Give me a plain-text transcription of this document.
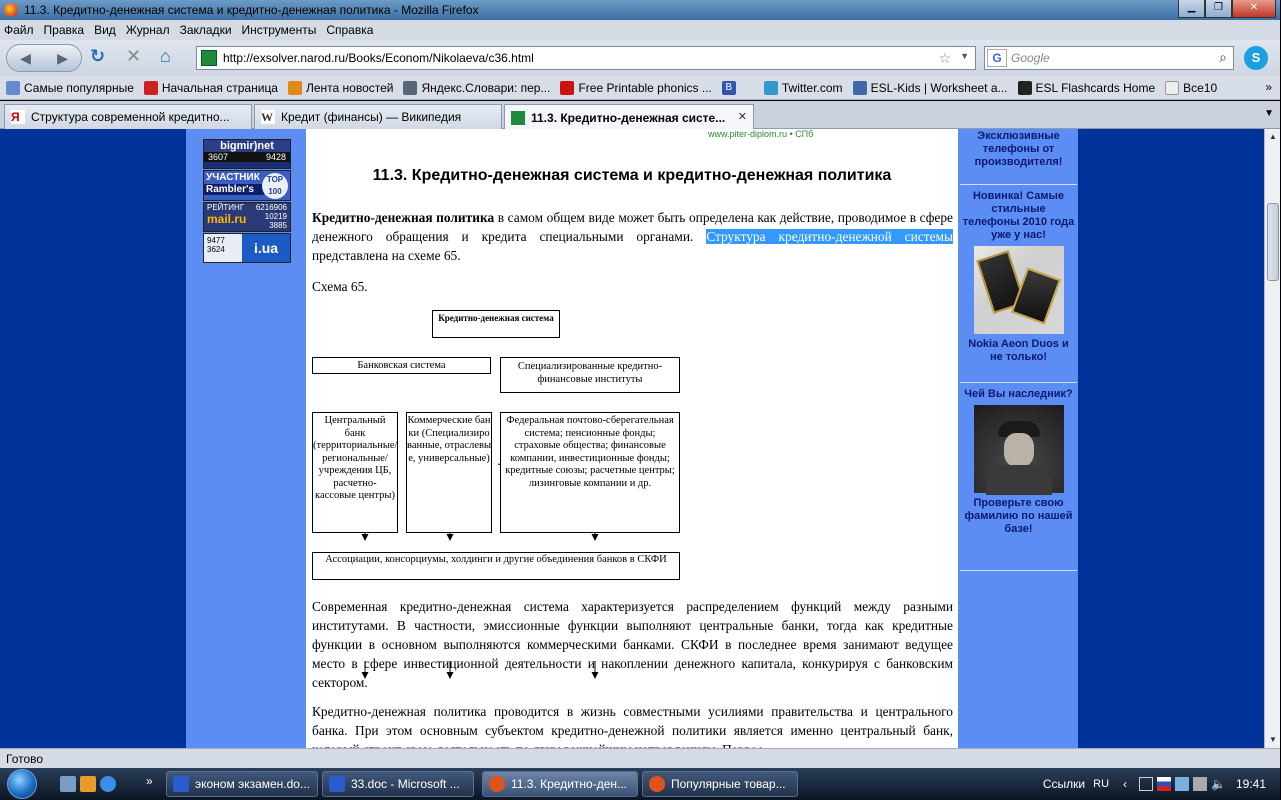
11.3. Кредитно-денежная система и кредитно-денежная политика - Mozilla Firefox	▁	❐	✕
Файл Правка Вид Журнал Закладки Инструменты Справка
◀ ▶ ↻	✕	⌂	http://exsolver.narod.ru/Books/Econom/Nikolaeva/c36.html	☆ ▼	G Google	⌕	S
Самые популярные Начальная страница Лента новостей Яндекс.Словари: пер... Free Printable phonics ...	B	Twitter.com ESL-Kids | Worksheet a... ESL Flashcards Home Все10	»
Я Структура современной кредитно...	W Кредит (финансы) — Википедия	11.3. Кредитно-денежная систе... ✕	▼
bigmir)net
3607	9428
УЧАСТНИК
Rambler's
TOP 100
РЕЙТИНГ 6216906
mail.ru 10219
3885
9477
3624	i.ua
www.piter-diplom.ru • СПб
11.3. Кредитно-денежная система и кредитно-денежная политика
Кредитно-денежная политика в самом общем виде может быть определена как действие, проводимое в сфере денежного обращения и кредита специальными органами. Структура кредитно-денежной системы представлена на схеме 65.
Схема 65.
Кредитно-денежная система
Банковская система	Специализированные кредитно-финансовые институты
Центральный банк (территориальные/региональные/учреждения ЦБ, расчетно-кассовые центры)
Коммерческие банки (Специализированные, отраслевые, универсальные)
Федеральная почтово-сберегательная система; пенсионные фонды; страховые общества; финансовые компании, инвестиционные фонды; кредитные союзы; расчетные центры; лизинговые компании и др.
Ассоциации, консорциумы, холдинги и другие объединения банков в СКФИ
Современная кредитно-денежная система характеризуется распределением функций между разными институтами. В частности, эмиссионные функции выполняют центральные банки, тогда как кредитные функции в основном выполняются коммерческими банками. СКФИ в последнее время занимают ведущее место в сфере инвестиционной деятельности и накоплении денежного капитала, конкурируя с банковским сектором.
Кредитно-денежная политика проводится в жизнь совместными усилиями правительства и центрального банка. При этом основным субъектом кредитно-денежной политики является именно центральный банк,
Эксклюзивные телефоны от производителя!
Новинка! Самые стильные телефоны 2010 года уже у нас!
Nokia Aeon Duos и не только!
Чей Вы наследник?
Проверьте свою фамилию по нашей базе!
▲
▼
Готово
»	эконом экзамен.do...	33.doc - Microsoft ...	11.3. Кредитно-ден...	Популярные товар...	Ссылки RU ‹	🔈 19:41
